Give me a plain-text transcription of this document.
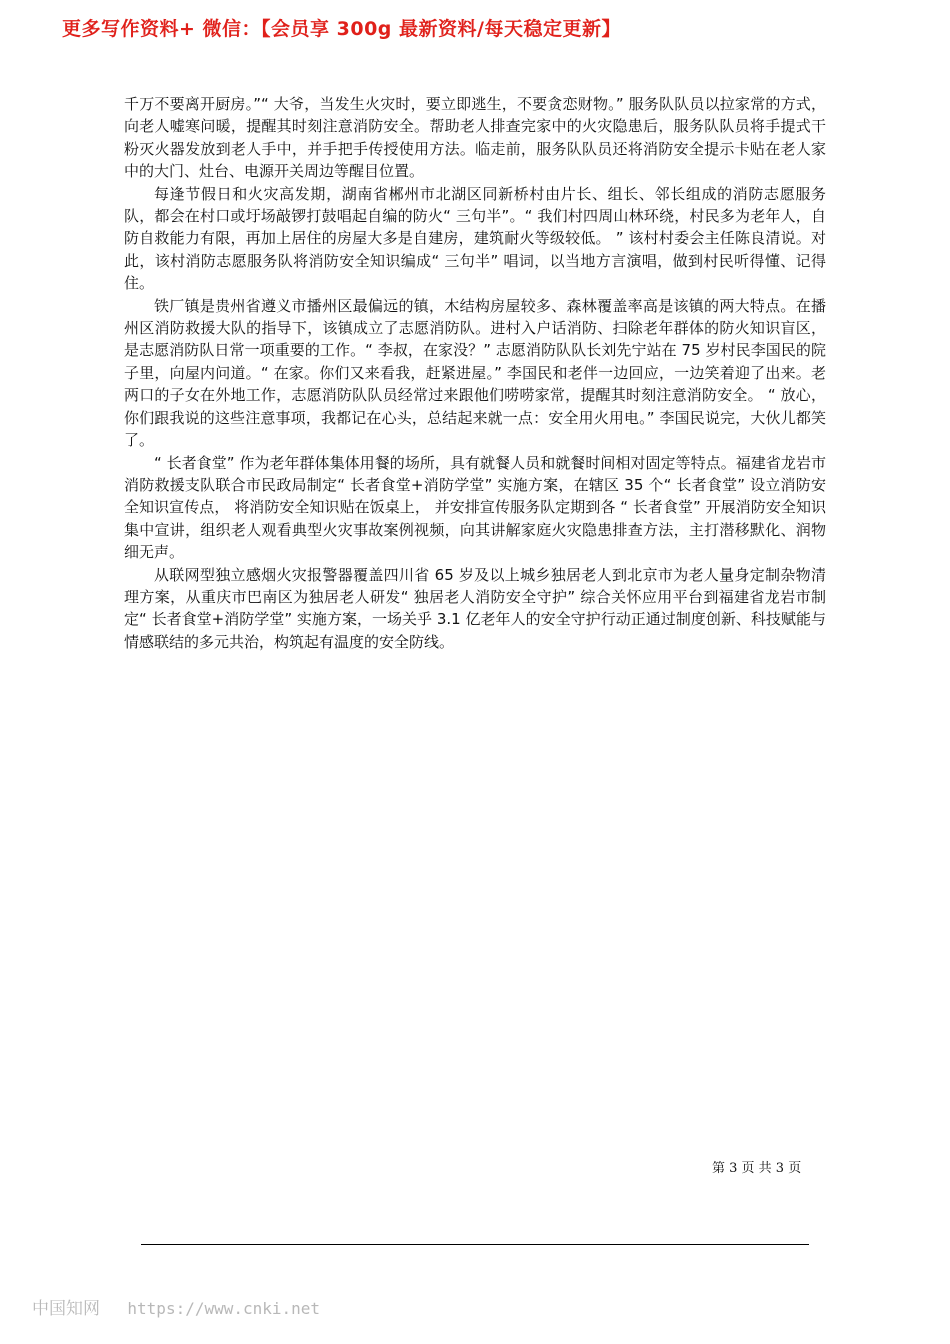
更多写作资料+ 微信：【会员享 300g 最新资料/每天稳定更新】

千万不要离开厨房。”“ 大爷，当发生火灾时，要立即逃生，不要贪恋财物。” 服务队队员以拉家常的方式，向老人嘘寒问暖，提醒其时刻注意消防安全。帮助老人排查完家中的火灾隐患后，服务队队员将手提式干粉灭火器发放到老人手中，并手把手传授使用方法。临走前，服务队队员还将消防安全提示卡贴在老人家中的大门、灶台、电源开关周边等醒目位置。

每逢节假日和火灾高发期，湖南省郴州市北湖区同新桥村由片长、组长、邻长组成的消防志愿服务队，都会在村口或圩场敲锣打鼓唱起自编的防火“ 三句半”。“ 我们村四周山林环绕，村民多为老年人，自防自救能力有限，再加上居住的房屋大多是自建房，建筑耐火等级较低。 ” 该村村委会主任陈良清说。对此，该村消防志愿服务队将消防安全知识编成“ 三句半” 唱词，以当地方言演唱，做到村民听得懂、记得住。

铁厂镇是贵州省遵义市播州区最偏远的镇，木结构房屋较多、森林覆盖率高是该镇的两大特点。在播州区消防救援大队的指导下，该镇成立了志愿消防队。进村入户话消防、扫除老年群体的防火知识盲区，是志愿消防队日常一项重要的工作。“ 李叔，在家没？” 志愿消防队队长刘先宁站在 75 岁村民李国民的院子里，向屋内问道。“ 在家。你们又来看我，赶紧进屋。” 李国民和老伴一边回应，一边笑着迎了出来。老两口的子女在外地工作，志愿消防队队员经常过来跟他们唠唠家常，提醒其时刻注意消防安全。 “ 放心，你们跟我说的这些注意事项，我都记在心头，总结起来就一点：安全用火用电。” 李国民说完，大伙儿都笑了。

“ 长者食堂” 作为老年群体集体用餐的场所，具有就餐人员和就餐时间相对固定等特点。福建省龙岩市消防救援支队联合市民政局制定“ 长者食堂+消防学堂” 实施方案，在辖区 35 个“ 长者食堂” 设立消防安全知识宣传点， 将消防安全知识贴在饭桌上， 并安排宣传服务队定期到各 “ 长者食堂” 开展消防安全知识集中宣讲，组织老人观看典型火灾事故案例视频，向其讲解家庭火灾隐患排查方法，主打潜移默化、润物细无声。

从联网型独立感烟火灾报警器覆盖四川省 65 岁及以上城乡独居老人到北京市为老人量身定制杂物清理方案，从重庆市巴南区为独居老人研发“ 独居老人消防安全守护” 综合关怀应用平台到福建省龙岩市制定“ 长者食堂+消防学堂” 实施方案，一场关乎 3.1 亿老年人的安全守护行动正通过制度创新、科技赋能与情感联结的多元共治，构筑起有温度的安全防线。

第 3 页 共 3 页
中国知网 https://www.cnki.net
